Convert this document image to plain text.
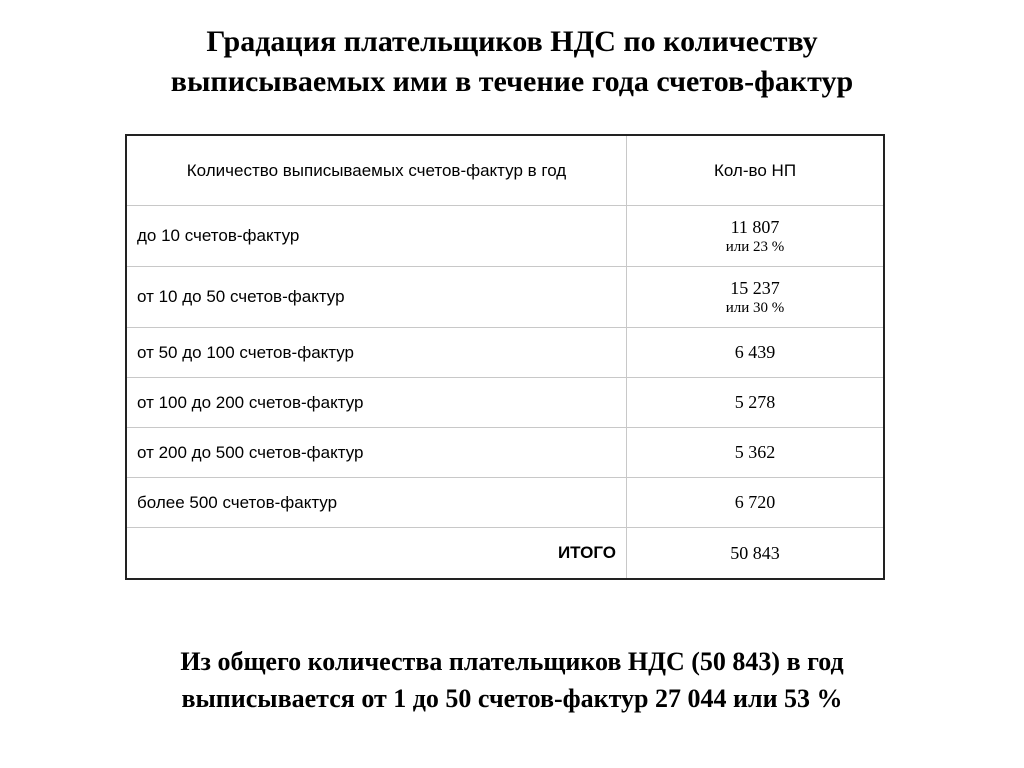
Градация плательщиков НДС по количеству
выписываемых ими в течение года счетов-фактур
Количество выписываемых счетов-фактур в год	Кол-во НП
до 10 счетов-фактур	11 807
или 23 %

от 10 до 50 счетов-фактур	15 237
или 30 %

от 50 до 100 счетов-фактур	6 439
от 100 до 200 счетов-фактур	5 278
от 200 до 500 счетов-фактур	5 362
более 500 счетов-фактур	6 720
ИТОГО	50 843

Из общего количества плательщиков НДС (50 843) в год
выписывается от 1 до 50 счетов-фактур 27 044 или 53 %
